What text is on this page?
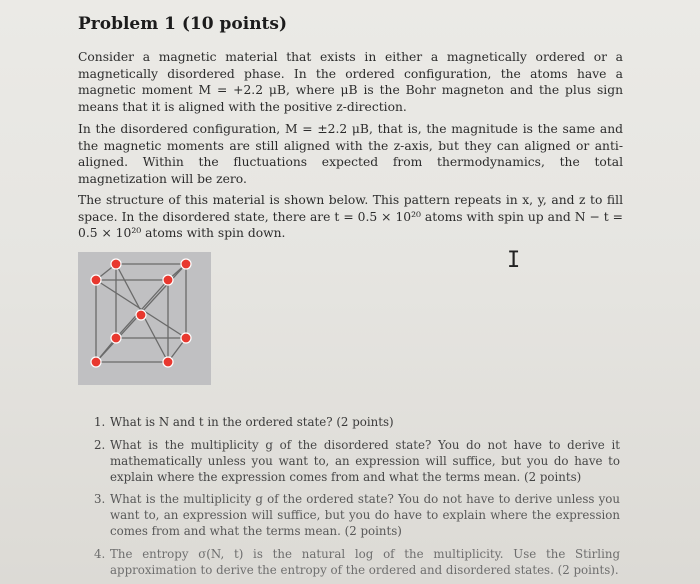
Problem 1 (10 points)

Consider a magnetic material that exists in either a magnetically ordered or a magnetically disordered phase. In the ordered configuration, the atoms have a magnetic moment M = +2.2 μB, where μB is the Bohr magneton and the plus sign means that it is aligned with the positive z-direction.

In the disordered configuration, M = ±2.2 μB, that is, the magnitude is the same and the magnetic moments are still aligned with the z-axis, but they can aligned or anti-aligned. Within the fluctuations expected from thermodynamics, the total magnetization will be zero.

The structure of this material is shown below. This pattern repeats in x, y, and z to fill space. In the disordered state, there are t = 0.5 × 10²⁰ atoms with spin up and N − t = 0.5 × 10²⁰ atoms with spin down.

I
1. What is N and t in the ordered state? (2 points)
2. What is the multiplicity g of the disordered state? You do not have to derive it mathematically unless you want to, an expression will suffice, but you do have to explain where the expression comes from and what the terms mean. (2 points)
3. What is the multiplicity g of the ordered state? You do not have to derive unless you want to, an expression will suffice, but you do have to explain where the expression comes from and what the terms mean. (2 points)
4. The entropy σ(N, t) is the natural log of the multiplicity. Use the Stirling approximation to derive the entropy of the ordered and disordered states. (2 points).
